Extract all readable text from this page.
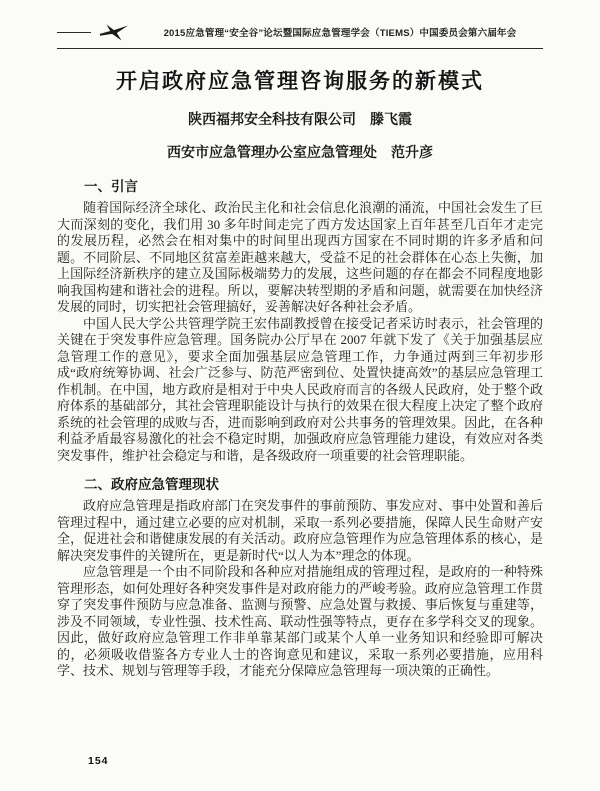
2015应急管理“安全谷”论坛暨国际应急管理学会（TIEMS）中国委员会第六届年会
开启政府应急管理咨询服务的新模式
陕西福邦安全科技有限公司　滕飞霞
西安市应急管理办公室应急管理处　范升彦
一、引言

随着国际经济全球化、政治民主化和社会信息化浪潮的涌流，中国社会发生了巨大而深刻的变化，我们用 30 多年时间走完了西方发达国家上百年甚至几百年才走完的发展历程，必然会在相对集中的时间里出现西方国家在不同时期的许多矛盾和问题。不同阶层、不同地区贫富差距越来越大，受益不足的社会群体在心态上失衡，加上国际经济新秩序的建立及国际极端势力的发展，这些问题的存在都会不同程度地影响我国构建和谐社会的进程。所以，要解决转型期的矛盾和问题，就需要在加快经济发展的同时，切实把社会管理搞好，妥善解决好各种社会矛盾。

中国人民大学公共管理学院王宏伟副教授曾在接受记者采访时表示，社会管理的关键在于突发事件应急管理。国务院办公厅早在 2007 年就下发了《关于加强基层应急管理工作的意见》，要求全面加强基层应急管理工作，力争通过两到三年初步形成“政府统筹协调、社会广泛参与、防范严密到位、处置快捷高效”的基层应急管理工作机制。在中国，地方政府是相对于中央人民政府而言的各级人民政府，处于整个政府体系的基础部分，其社会管理职能设计与执行的效果在很大程度上决定了整个政府系统的社会管理的成败与否，进而影响到政府对公共事务的管理效果。因此，在各种利益矛盾最容易激化的社会不稳定时期，加强政府应急管理能力建设，有效应对各类突发事件，维护社会稳定与和谐，是各级政府一项重要的社会管理职能。

二、政府应急管理现状

政府应急管理是指政府部门在突发事件的事前预防、事发应对、事中处置和善后管理过程中，通过建立必要的应对机制，采取一系列必要措施，保障人民生命财产安全，促进社会和谐健康发展的有关活动。政府应急管理作为应急管理体系的核心，是解决突发事件的关键所在，更是新时代“以人为本”理念的体现。

应急管理是一个由不同阶段和各种应对措施组成的管理过程，是政府的一种特殊管理形态，如何处理好各种突发事件是对政府能力的严峻考验。政府应急管理工作贯穿了突发事件预防与应急准备、监测与预警、应急处置与救援、事后恢复与重建等，涉及不同领域，专业性强、技术性高、联动性强等特点，更存在多学科交叉的现象。因此，做好政府应急管理工作非单靠某部门或某个人单一业务知识和经验即可解决的，必须吸收借鉴各方专业人士的咨询意见和建议，采取一系列必要措施，应用科学、技术、规划与管理等手段，才能充分保障应急管理每一项决策的正确性。

154
